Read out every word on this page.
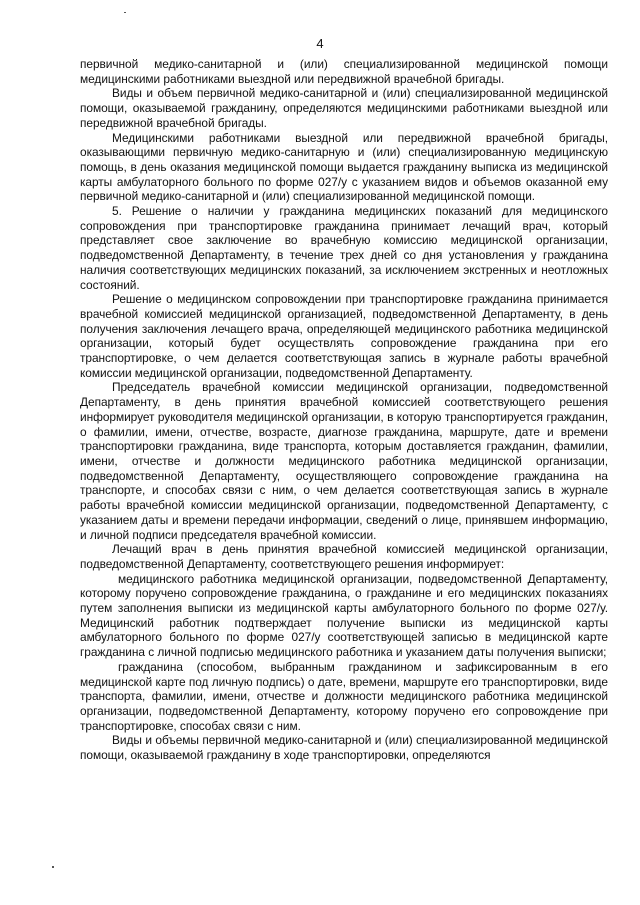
4

первичной медико-санитарной и (или) специализированной медицинской помощи медицинскими работниками выездной или передвижной врачебной бригады.

Виды и объем первичной медико-санитарной и (или) специализированной медицинской помощи, оказываемой гражданину, определяются медицинскими работниками выездной или передвижной врачебной бригады.

Медицинскими работниками выездной или передвижной врачебной бригады, оказывающими первичную медико-санитарную и (или) специализированную медицинскую помощь, в день оказания медицинской помощи выдается гражданину выписка из медицинской карты амбулаторного больного по форме 027/у с указанием видов и объемов оказанной ему первичной медико-санитарной и (или) специализированной медицинской помощи.

5. Решение о наличии у гражданина медицинских показаний для медицинского сопровождения при транспортировке гражданина принимает лечащий врач, который представляет свое заключение во врачебную комиссию медицинской организации, подведомственной Департаменту, в течение трех дней со дня установления у гражданина наличия соответствующих медицинских показаний, за исключением экстренных и неотложных состояний.

Решение о медицинском сопровождении при транспортировке гражданина принимается врачебной комиссией медицинской организацией, подведомственной Департаменту, в день получения заключения лечащего врача, определяющей медицинского работника медицинской организации, который будет осуществлять сопровождение гражданина при его транспортировке, о чем делается соответствующая запись в журнале работы врачебной комиссии медицинской организации, подведомственной Департаменту.

Председатель врачебной комиссии медицинской организации, подведомственной Департаменту, в день принятия врачебной комиссией соответствующего решения информирует руководителя медицинской организации, в которую транспортируется гражданин, о фамилии, имени, отчестве, возрасте, диагнозе гражданина, маршруте, дате и времени транспортировки гражданина, виде транспорта, которым доставляется гражданин, фамилии, имени, отчестве и должности медицинского работника медицинской организации, подведомственной Департаменту, осуществляющего сопровождение гражданина на транспорте, и способах связи с ним, о чем делается соответствующая запись в журнале работы врачебной комиссии медицинской организации, подведомственной Департаменту, с указанием даты и времени передачи информации, сведений о лице, принявшем информацию, и личной подписи председателя врачебной комиссии.

Лечащий врач в день принятия врачебной комиссией медицинской организации, подведомственной Департаменту, соответствующего решения информирует:

медицинского работника медицинской организации, подведомственной Департаменту, которому поручено сопровождение гражданина, о гражданине и его медицинских показаниях путем заполнения выписки из медицинской карты амбулаторного больного по форме 027/у. Медицинский работник подтверждает получение выписки из медицинской карты амбулаторного больного по форме 027/у соответствующей записью в медицинской карте гражданина с личной подписью медицинского работника и указанием даты получения выписки;

гражданина (способом, выбранным гражданином и зафиксированным в его медицинской карте под личную подпись) о дате, времени, маршруте его транспортировки, виде транспорта, фамилии, имени, отчестве и должности медицинского работника медицинской организации, подведомственной Департаменту, которому поручено его сопровождение при транспортировке, способах связи с ним.

Виды и объемы первичной медико-санитарной и (или) специализированной медицинской помощи, оказываемой гражданину в ходе транспортировки, определяются
